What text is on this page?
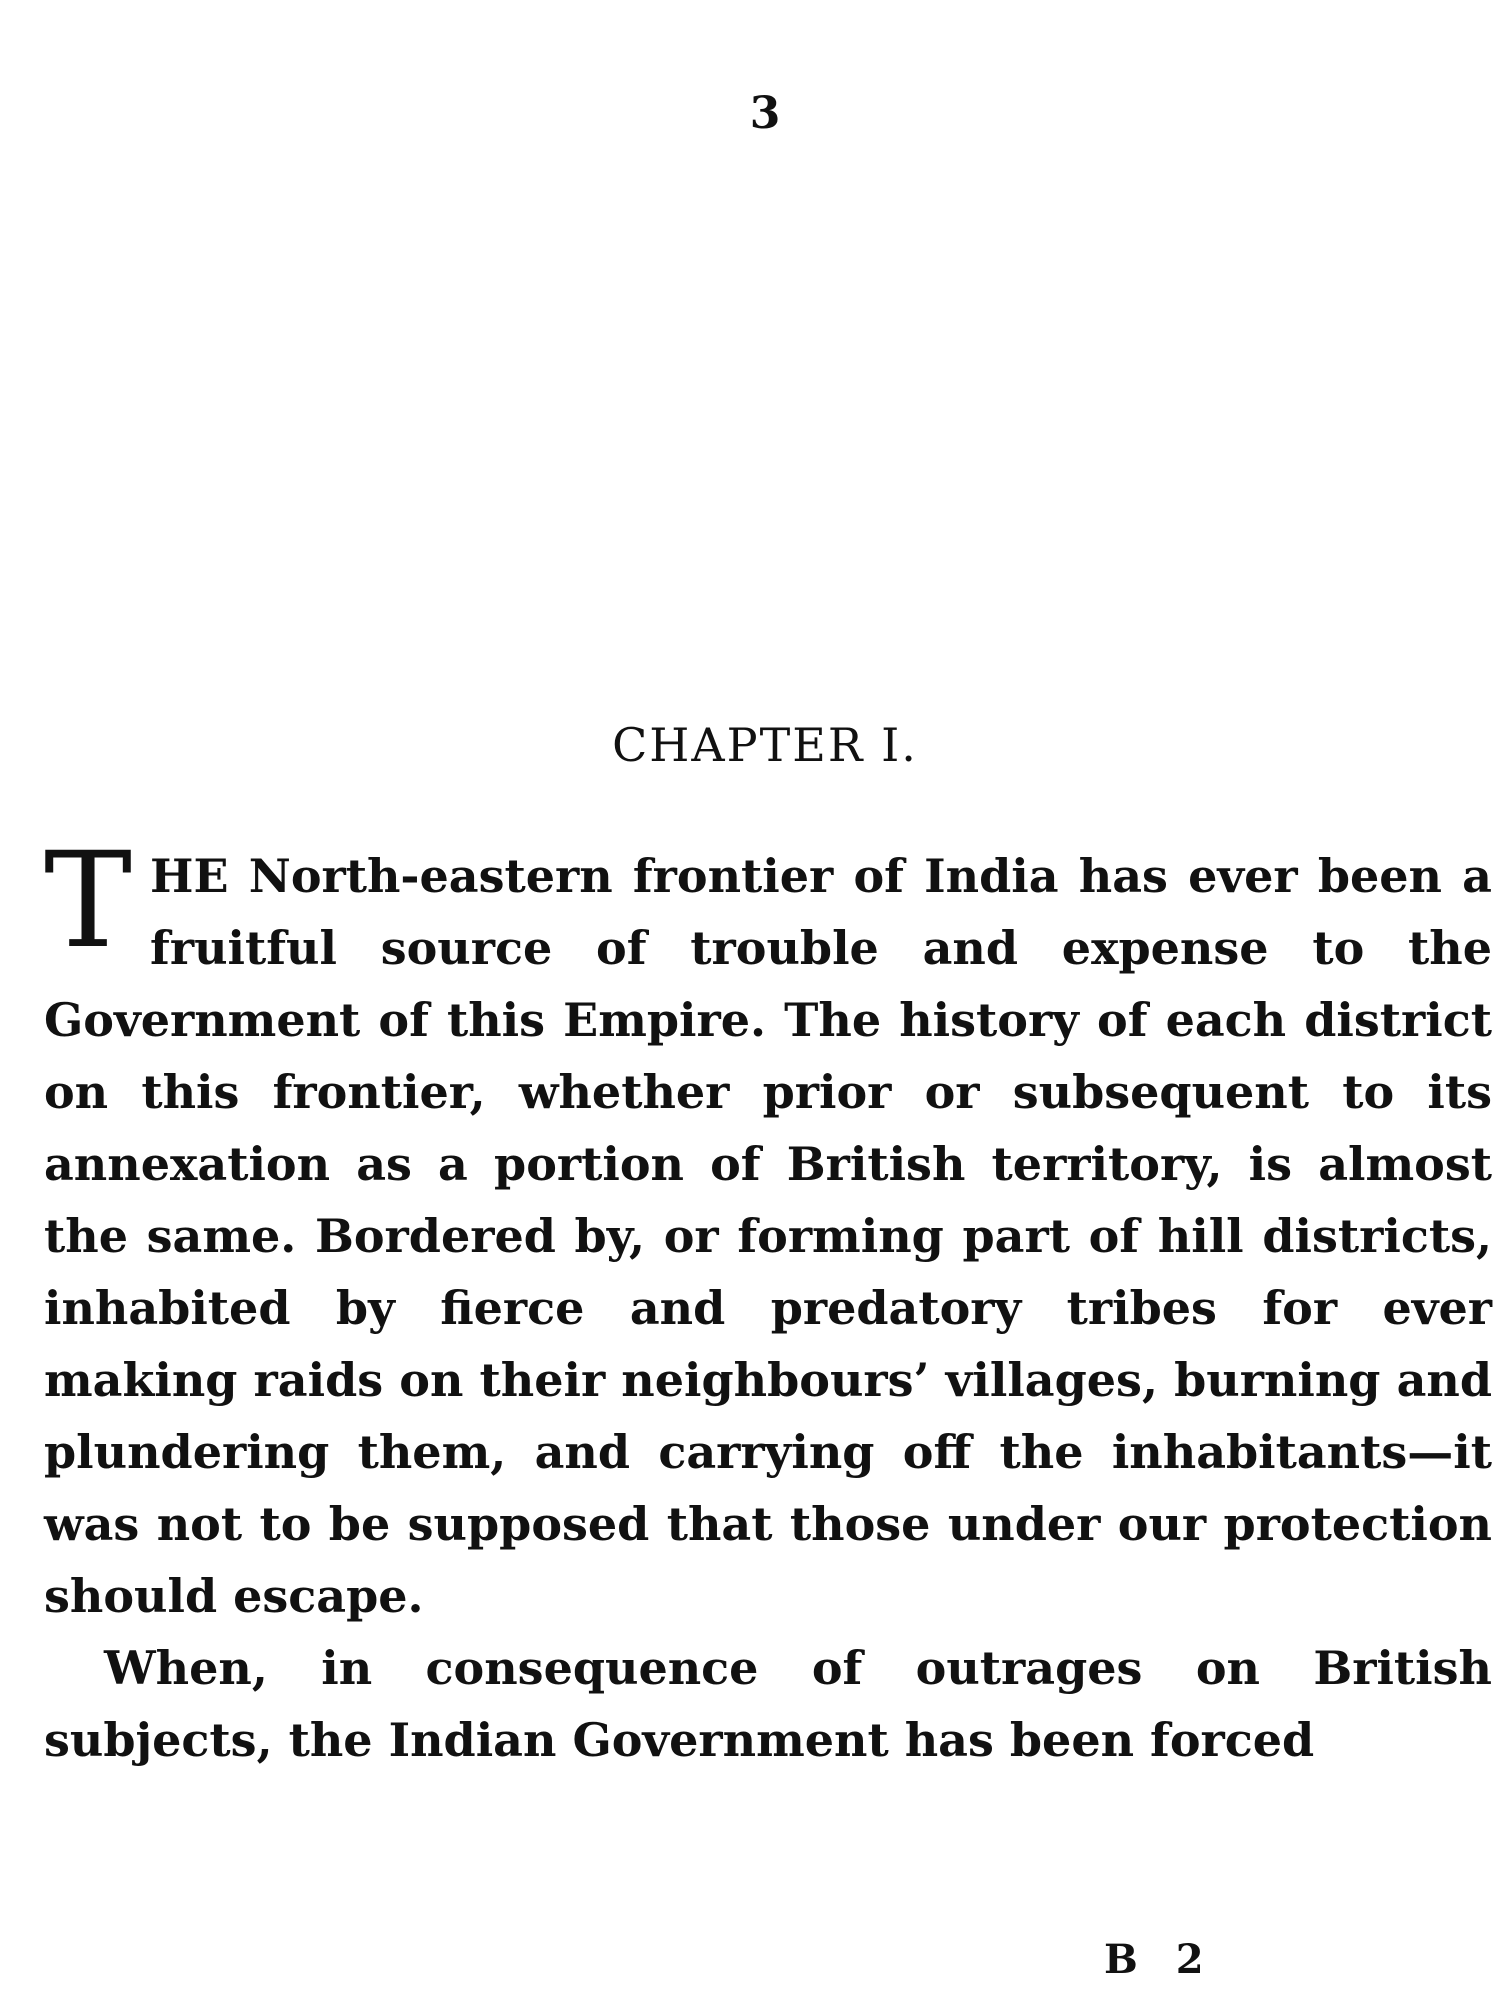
3
CHAPTER I.

T HE North-eastern frontier of India has ever been a fruitful source of trouble and expense to the Government of this Empire. The history of each district on this frontier, whether prior or subsequent to its annexation as a portion of British territory, is almost the same. Bordered by, or forming part of hill districts, inhabited by fierce and predatory tribes for ever making raids on their neighbours’ villages, burning and plundering them, and carrying off the inhabitants—it was not to be supposed that those under our protection should escape.

When, in consequence of outrages on British subjects, the Indian Government has been forced

B 2
